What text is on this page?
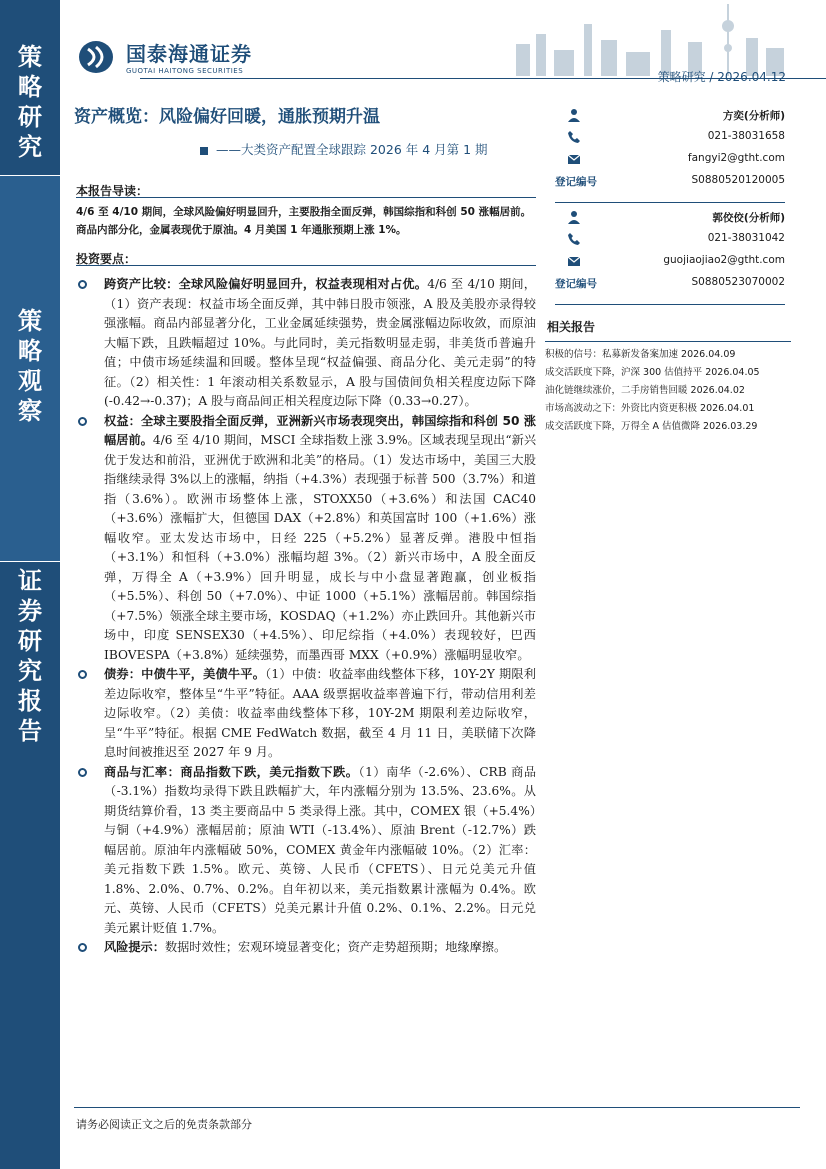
策
略
研
究
策
略
观
察
证
券
研
究
报
告
国泰海通证券
GUOTAI HAITONG SECURITIES	策略研究 / 2026.04.12
资产概览：风险偏好回暖，通胀预期升温
——大类资产配置全球跟踪 2026 年 4 月第 1 期
方奕(分析师)
021-38031658
fangyi2@gtht.com
登记编号	S0880520120005
郭佼佼(分析师)
021-38031042
guojiaojiao2@gtht.com
登记编号	S0880523070002
相关报告
积极的信号：私募新发备案加速 2026.04.09
成交活跃度下降，沪深 300 估值持平 2026.04.05
油化链继续涨价，二手房销售回暖 2026.04.02
市场高波动之下：外资比内资更积极 2026.04.01
成交活跃度下降，万得全 A 估值微降 2026.03.29
本报告导读：
4/6 至 4/10 期间，全球风险偏好明显回升，主要股指全面反弹，韩国综指和科创 50 涨幅居前。商品内部分化，金属表现优于原油。4 月美国 1 年通胀预期上涨 1%。
投资要点：
跨资产比较：全球风险偏好明显回升，权益表现相对占优。4/6 至 4/10 期间，（1）资产表现：权益市场全面反弹，其中韩日股市领涨，A 股及美股亦录得较强涨幅。商品内部显著分化，工业金属延续强势，贵金属涨幅边际收敛，而原油大幅下跌，且跌幅超过 10%。与此同时，美元指数明显走弱，非美货币普遍升值；中债市场延续温和回暖。整体呈现“权益偏强、商品分化、美元走弱”的特征。（2）相关性：1 年滚动相关系数显示，A 股与国债间负相关程度边际下降(-0.42→-0.37)；A 股与商品间正相关程度边际下降（0.33→0.27）。
权益：全球主要股指全面反弹，亚洲新兴市场表现突出，韩国综指和科创 50 涨幅居前。4/6 至 4/10 期间，MSCI 全球指数上涨 3.9%。区域表现呈现出“新兴优于发达和前沿，亚洲优于欧洲和北美”的格局。（1）发达市场中，美国三大股指继续录得 3%以上的涨幅，纳指（+4.3%）表现强于标普 500（3.7%）和道指（3.6%）。欧洲市场整体上涨，STOXX50（+3.6%）和法国 CAC40（+3.6%）涨幅扩大，但德国 DAX（+2.8%）和英国富时 100（+1.6%）涨幅收窄。亚太发达市场中，日经 225（+5.2%）显著反弹。港股中恒指（+3.1%）和恒科（+3.0%）涨幅均超 3%。（2）新兴市场中，A 股全面反弹，万得全 A（+3.9%）回升明显，成长与中小盘显著跑赢，创业板指（+5.5%）、科创 50（+7.0%）、中证 1000（+5.1%）涨幅居前。韩国综指（+7.5%）领涨全球主要市场，KOSDAQ（+1.2%）亦止跌回升。其他新兴市场中，印度 SENSEX30（+4.5%）、印尼综指（+4.0%）表现较好，巴西 IBOVESPA（+3.8%）延续强势，而墨西哥 MXX（+0.9%）涨幅明显收窄。
债券：中债牛平，美债牛平。（1）中债：收益率曲线整体下移，10Y-2Y 期限利差边际收窄，整体呈“牛平”特征。AAA 级票据收益率普遍下行，带动信用利差边际收窄。（2）美债：收益率曲线整体下移，10Y-2M 期限利差边际收窄，呈“牛平”特征。根据 CME FedWatch 数据，截至 4 月 11 日，美联储下次降息时间被推迟至 2027 年 9 月。
商品与汇率：商品指数下跌，美元指数下跌。（1）南华（-2.6%）、CRB 商品（-3.1%）指数均录得下跌且跌幅扩大，年内涨幅分别为 13.5%、23.6%。从期货结算价看，13 类主要商品中 5 类录得上涨。其中，COMEX 银（+5.4%）与铜（+4.9%）涨幅居前；原油 WTI（-13.4%）、原油 Brent（-12.7%）跌幅居前。原油年内涨幅破 50%，COMEX 黄金年内涨幅破 10%。（2）汇率：美元指数下跌 1.5%。欧元、英镑、人民币（CFETS）、日元兑美元升值 1.8%、2.0%、0.7%、0.2%。自年初以来，美元指数累计涨幅为 0.4%。欧元、英镑、人民币（CFETS）兑美元累计升值 0.2%、0.1%、2.2%。日元兑美元累计贬值 1.7%。
风险提示：数据时效性；宏观环境显著变化；资产走势超预期；地缘摩擦。
请务必阅读正文之后的免责条款部分
